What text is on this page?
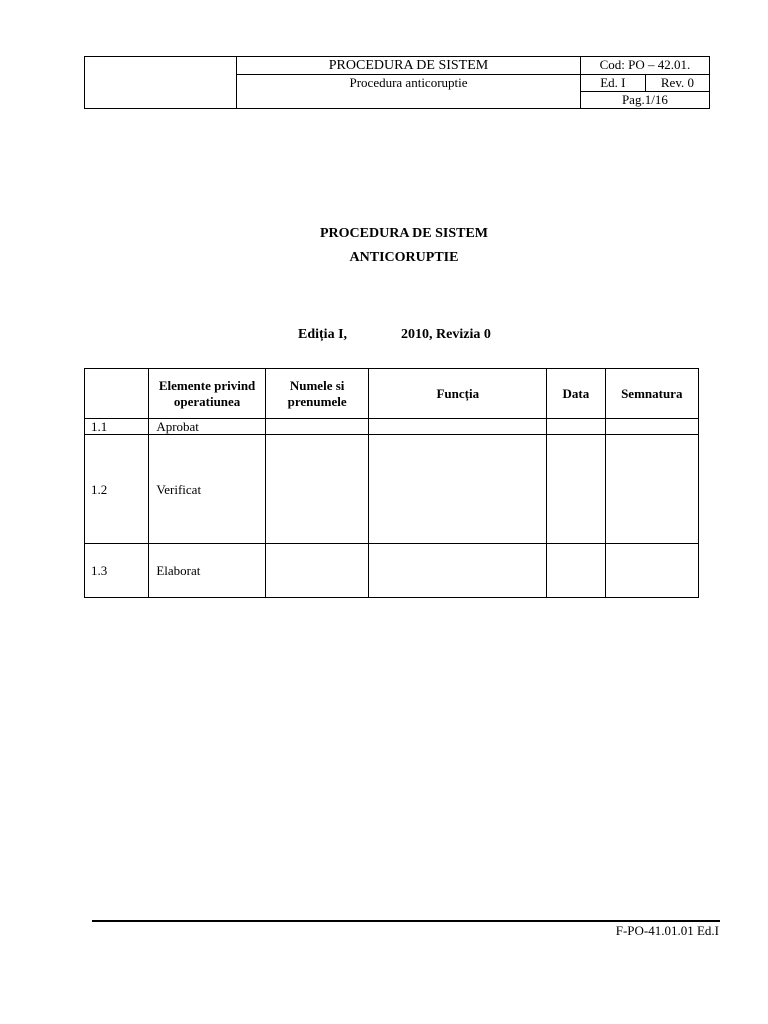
	PROCEDURA DE SISTEM	Cod: PO – 42.01.	
	Procedura anticoruptie	Ed. I	Rev. 0
		Pag.1/16	
PROCEDURA DE SISTEM
ANTICORUPTIE
Ediția I,	2010, Revizia 0
	Elemente privind operatiunea	Numele si prenumele	Funcția	Data	Semnatura
1.1	Aprobat				
1.2	Verificat				
1.3	Elaborat				
F-PO-41.01.01 Ed.I
